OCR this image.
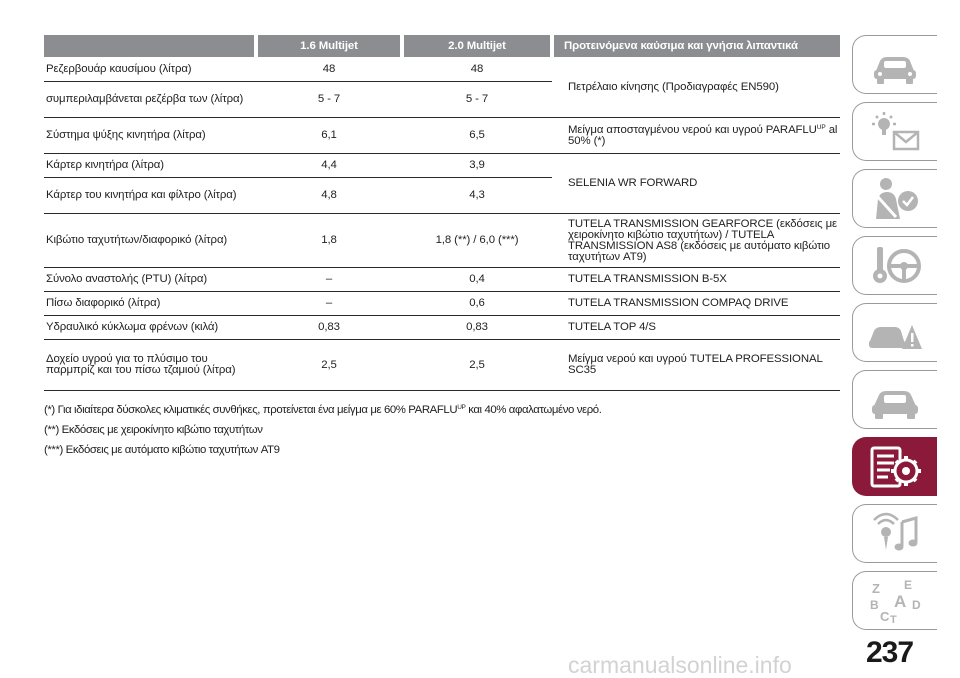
	1.6 Multijet	2.0 Multijet	Προτεινόμενα καύσιμα και γνήσια λιπαντικά
Ρεζερβουάρ καυσίμου (λίτρα)	48	48	Πετρέλαιο κίνησης (Προδιαγραφές EN590)
συμπεριλαμβάνεται ρεζέρβα των (λίτρα)	5 - 7	5 - 7	
Σύστημα ψύξης κινητήρα (λίτρα)	6,1	6,5	Μείγμα αποσταγμένου νερού και υγρού $PARAFLU^{UP}$ al 50% (*)
Κάρτερ κινητήρα (λίτρα)	4,4	3,9	SELENIA WR FORWARD
Κάρτερ του κινητήρα και φίλτρο (λίτρα)	4,8	4,3	
Κιβώτιο ταχυτήτων/διαφορικό (λίτρα)	1,8	1,8 (**) / 6,0 (***)	TUTELA TRANSMISSION GEARFORCE (εκδόσεις με χειροκίνητο κιβώτιο ταχυτήτων) / TUTELA TRANSMISSION AS8 (εκδόσεις με αυτόματο κιβώτιο ταχυτήτων AT9)
Σύνολο αναστολής (PTU) (λίτρα)	–	0,4	TUTELA TRANSMISSION B-5X
Πίσω διαφορικό (λίτρα)	–	0,6	TUTELA TRANSMISSION COMPAQ DRIVE
Υδραυλικό κύκλωμα φρένων (κιλά)	0,83	0,83	TUTELA TOP 4/S
Δοχείο υγρού για το πλύσιμο του παρμπρίζ και του πίσω τζαμιού (λίτρα)	2,5	2,5	Μείγμα νερού και υγρού TUTELA PROFESSIONAL SC35
(*) Για ιδιαίτερα δύσκολες κλιματικές συνθήκες, προτείνεται ένα μείγμα με 60% $PARAFLU^{UP}$ και 40% αφαλατωμένο νερό.
(**) Εκδόσεις με χειροκίνητο κιβώτιο ταχυτήτων
(***) Εκδόσεις με αυτόματο κιβώτιο ταχυτήτων AT9
Z E
B A D
C T
237
carmanualsonline.info
